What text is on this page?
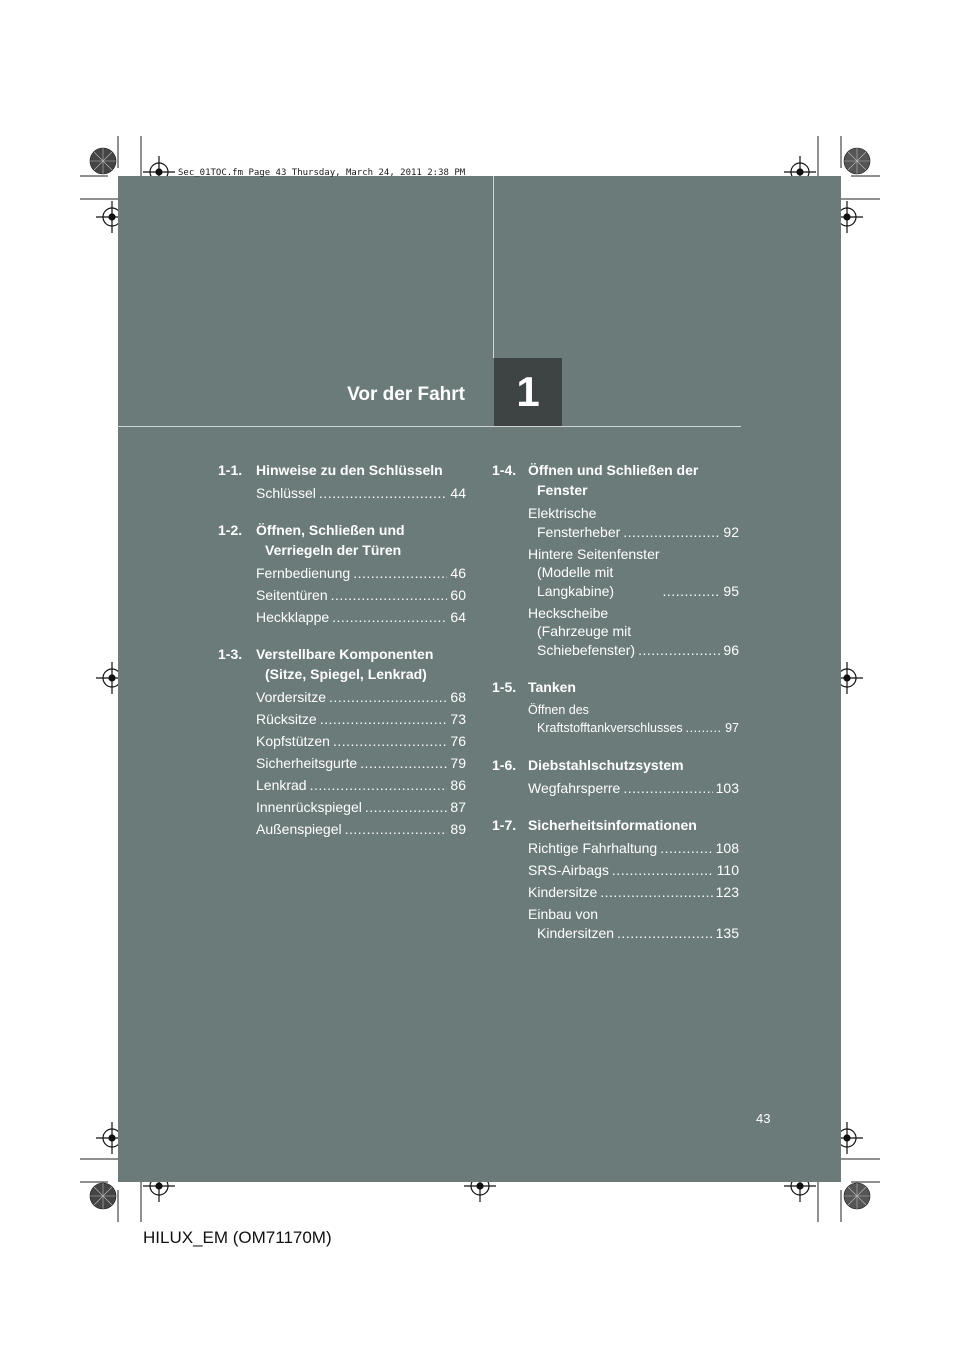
Sec_01TOC.fm Page 43 Thursday, March 24, 2011 2:38 PM
Vor der Fahrt	1
1-1. Hinweise zu den Schlüsseln
Schlüssel .....	44
1-2. Öffnen, Schließen und
Verriegeln der Türen
Fernbedienung .....	46
Seitentüren .....	60
Heckklappe .....	64
1-3. Verstellbare Komponenten
(Sitze, Spiegel, Lenkrad)
Vordersitze .....	68
Rücksitze .....	73
Kopfstützen .....	76
Sicherheitsgurte .....	79
Lenkrad .....	86
Innenrückspiegel .....	87
Außenspiegel .....	89
1-4. Öffnen und Schließen der
Fenster
Elektrische
Fensterheber .....	92
Hintere Seitenfenster
(Modelle mit
Langkabine) .....	95
Heckscheibe
(Fahrzeuge mit
Schiebefenster) .....	96
1-5. Tanken
Öffnen des
Kraftstofftankverschlusses .....	97
1-6. Diebstahlschutzsystem
Wegfahrsperre .....	103
1-7. Sicherheitsinformationen
Richtige Fahrhaltung .....	108
SRS-Airbags .....	110
Kindersitze .....	123
Einbau von
Kindersitzen .....	135
43
HILUX_EM (OM71170M)
